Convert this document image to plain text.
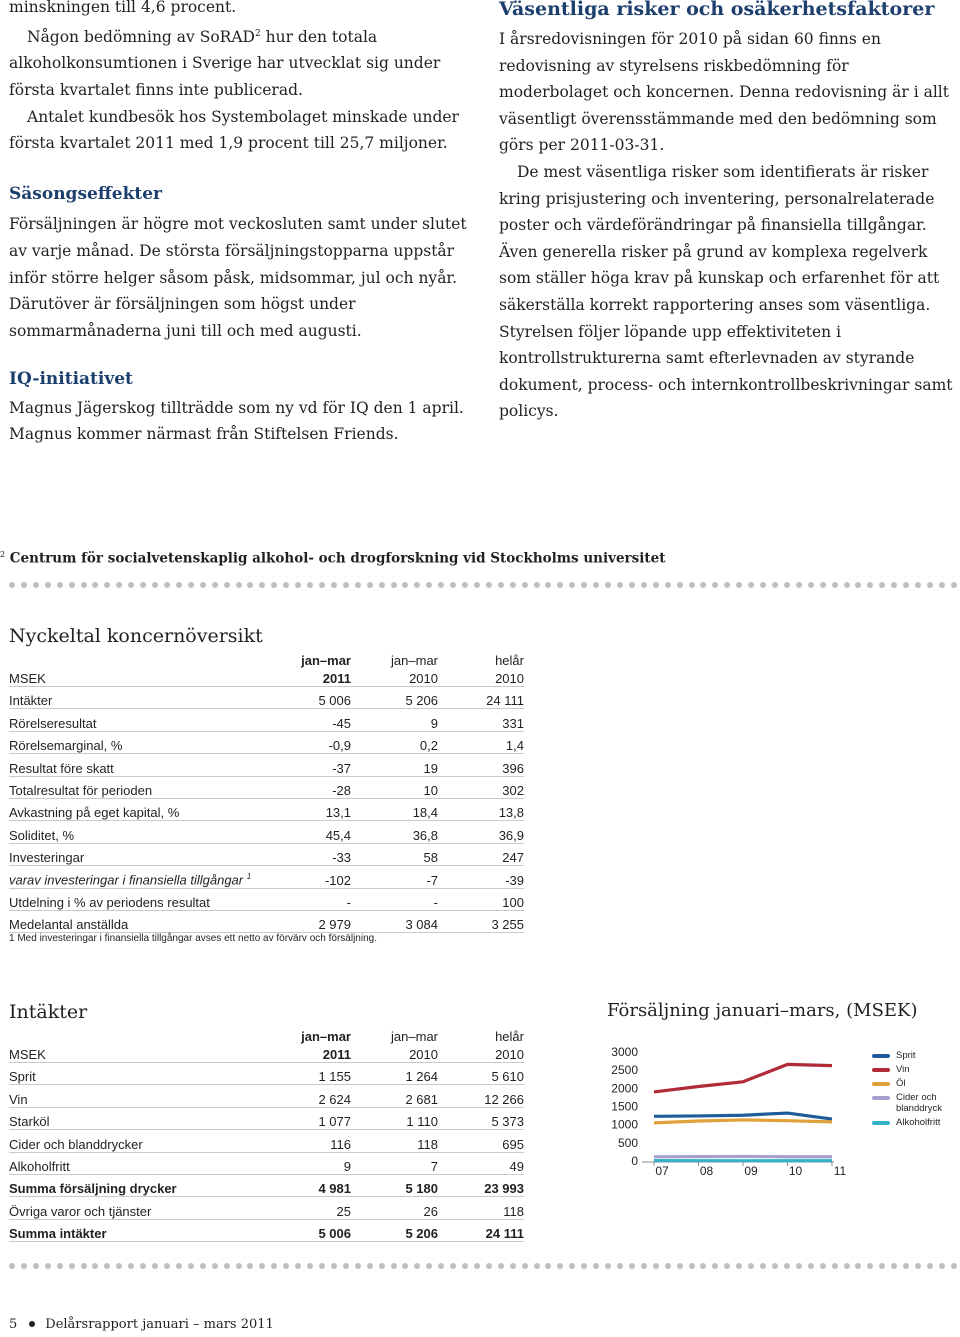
minskningen till 4,6 procent.

Någon bedömning av SoRAD$^2$ hur den totala alkoholkonsumtionen i Sverige har utvecklat sig under första kvartalet finns inte publicerad.

Antalet kundbesök hos Systembolaget minskade under första kvartalet 2011 med 1,9 procent till 25,7 miljoner.

Säsongseffekter

Försäljningen är högre mot veckosluten samt under slutet av varje månad. De största försäljningstopparna uppstår inför större helger såsom påsk, midsommar, jul och nyår. Därutöver är försäljningen som högst under sommarmånaderna juni till och med augusti.

IQ-initiativet

Magnus Jägerskog tillträdde som ny vd för IQ den 1 april. Magnus kommer närmast från Stiftelsen Friends.

Väsentliga risker och osäkerhetsfaktorer

I årsredovisningen för 2010 på sidan 60 finns en redovisning av styrelsens riskbedömning för moderbolaget och koncernen. Denna redovisning är i allt väsentligt överensstämmande med den bedömning som görs per 2011-03-31.

De mest väsentliga risker som identifierats är risker kring prisjustering och inventering, personalrelaterade poster och värdeförändringar på finansiella tillgångar. Även generella risker på grund av komplexa regelverk som ställer höga krav på kunskap och erfarenhet för att säkerställa korrekt rapportering anses som väsentliga. Styrelsen följer löpande upp effektiviteten i kontrollstrukturerna samt efterlevnaden av styrande dokument, process- och internkontrollbeskrivningar samt policys.

$^2$ Centrum för socialvetenskaplig alkohol- och drogforskning vid Stockholms universitet
Nyckeltal koncernöversikt
	jan–mar	jan–mar	helår
MSEK	2011	2010	2010
Intäkter	5 006	5 206	24 111
Rörelseresultat	-45	9	331
Rörelsemarginal, %	-0,9	0,2	1,4
Resultat före skatt	-37	19	396
Totalresultat för perioden	-28	10	302
Avkastning på eget kapital, %	13,1	18,4	13,8
Soliditet, %	45,4	36,8	36,9
Investeringar	-33	58	247
varav investeringar i finansiella tillgångar $^1$	-102	-7	-39
Utdelning i % av periodens resultat	-	-	100
Medelantal anställda	2 979	3 084	3 255
1 Med investeringar i finansiella tillgångar avses ett netto av förvärv och försäljning.
Intäkter
	jan–mar	jan–mar	helår
MSEK	2011	2010	2010
Sprit	1 155	1 264	5 610
Vin	2 624	2 681	12 266
Starköl	1 077	1 110	5 373
Cider och blanddrycker	116	118	695
Alkoholfritt	9	7	49
Summa försäljning drycker	4 981	5 180	23 993
Övriga varor och tjänster	25	26	118
Summa intäkter	5 006	5 206	24 111
Försäljning januari–mars, (MSEK)
0
500
1000
1500
2000
2500
3000
07	08	09	10	11
Sprit
Vin
Öl
Cider och blanddryck
Alkoholfritt
5 Delårsrapport januari – mars 2011
